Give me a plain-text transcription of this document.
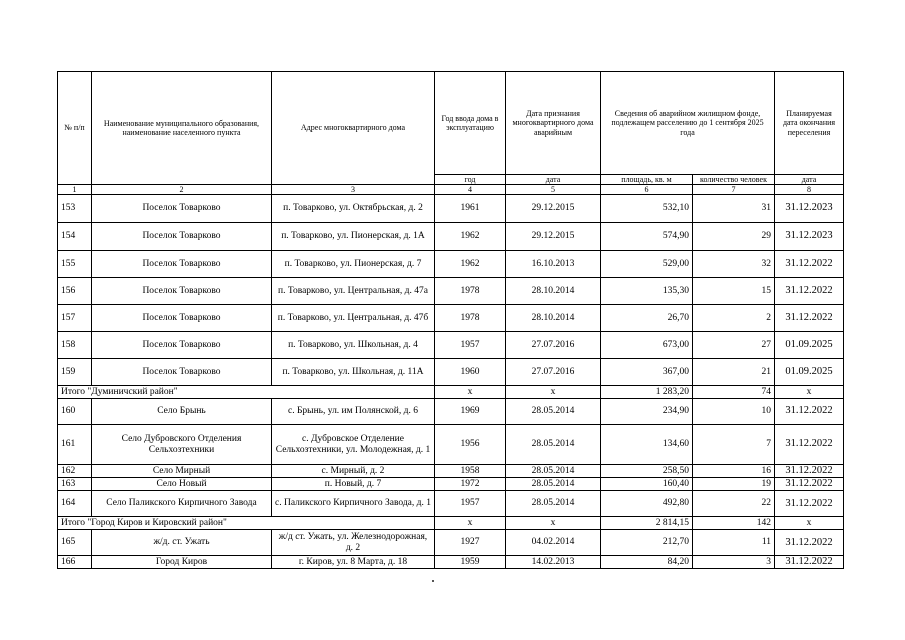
№ п/п	Наименование муниципального образования, наименование населенного пункта	Адрес многоквартирного дома	Год ввода дома в эксплуатацию	Дата признания многоквартирного дома аварийным	Сведения об аварийном жилищном фонде, подлежащем расселению до 1 сентября 2025 года		Планируемая дата окончания переселения
			год	дата	площадь, кв. м	количество человек	дата
1	2	3	4	5	6	7	8
153	Поселок Товарково	п. Товарково, ул. Октябрьская, д. 2	1961	29.12.2015	532,10	31	31.12.2023
154	Поселок Товарково	п. Товарково, ул. Пионерская, д. 1А	1962	29.12.2015	574,90	29	31.12.2023
155	Поселок Товарково	п. Товарково, ул. Пионерская, д. 7	1962	16.10.2013	529,00	32	31.12.2022
156	Поселок Товарково	п. Товарково, ул. Центральная, д. 47а	1978	28.10.2014	135,30	15	31.12.2022
157	Поселок Товарково	п. Товарково, ул. Центральная, д. 47б	1978	28.10.2014	26,70	2	31.12.2022
158	Поселок Товарково	п. Товарково, ул. Школьная, д. 4	1957	27.07.2016	673,00	27	01.09.2025
159	Поселок Товарково	п. Товарково, ул. Школьная, д. 11А	1960	27.07.2016	367,00	21	01.09.2025
Итого "Думиничский район"			х	х	1 283,20	74	х
160	Село Брынь	с. Брынь, ул. им Полянской, д. 6	1969	28.05.2014	234,90	10	31.12.2022
161	Село Дубровского Отделения Сельхозтехники	с. Дубровское Отделение Сельхозтехники, ул. Молодежная, д. 1	1956	28.05.2014	134,60	7	31.12.2022
162	Село Мирный	с. Мирный, д. 2	1958	28.05.2014	258,50	16	31.12.2022
163	Село Новый	п. Новый, д. 7	1972	28.05.2014	160,40	19	31.12.2022
164	Село Паликского Кирпичного Завода	с. Паликского Кирпичного Завода, д. 1	1957	28.05.2014	492,80	22	31.12.2022
Итого "Город Киров и Кировский район"			х	х	2 814,15	142	х
165	ж/д. ст. Ужать	ж/д ст. Ужать, ул. Железнодорожная, д. 2	1927	04.02.2014	212,70	11	31.12.2022
166	Город Киров	г. Киров, ул. 8 Марта, д. 18	1959	14.02.2013	84,20	3	31.12.2022
